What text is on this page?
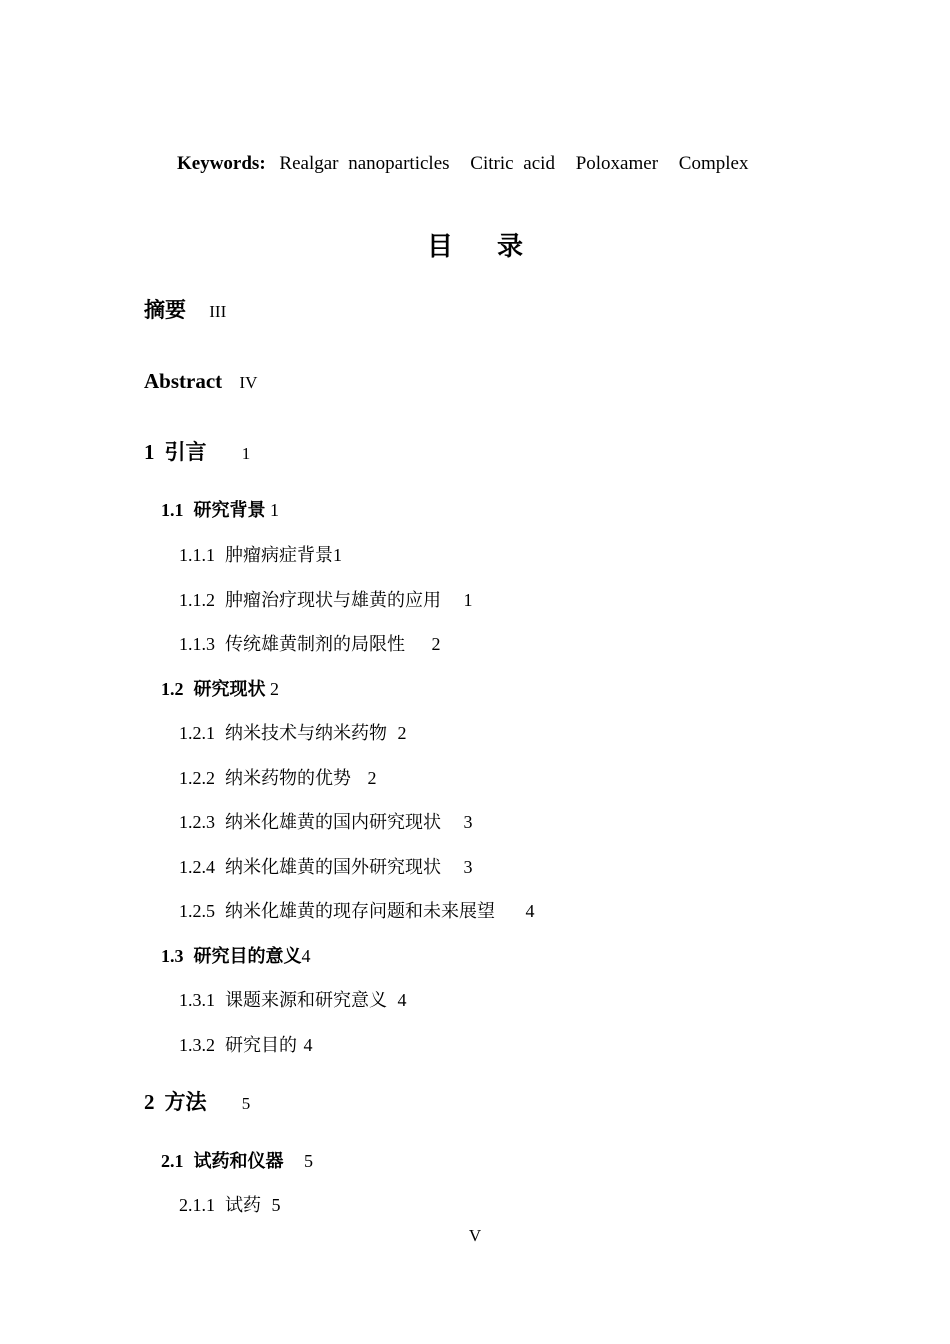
Keywords: Realgar nanoparticles Citric acid Poloxamer Complex
目 录
摘要 III
Abstract IV
1 引言 1
1.1 研究背景 1
1.1.1 肿瘤病症背景1
1.1.2 肿瘤治疗现状与雄黄的应用 1
1.1.3 传统雄黄制剂的局限性 2
1.2 研究现状 2
1.2.1 纳米技术与纳米药物 2
1.2.2 纳米药物的优势 2
1.2.3 纳米化雄黄的国内研究现状 3
1.2.4 纳米化雄黄的国外研究现状 3
1.2.5 纳米化雄黄的现存问题和未来展望 4
1.3 研究目的意义4
1.3.1 课题来源和研究意义 4
1.3.2 研究目的 4
2 方法 5
2.1 试药和仪器 5
2.1.1 试药 5
V
